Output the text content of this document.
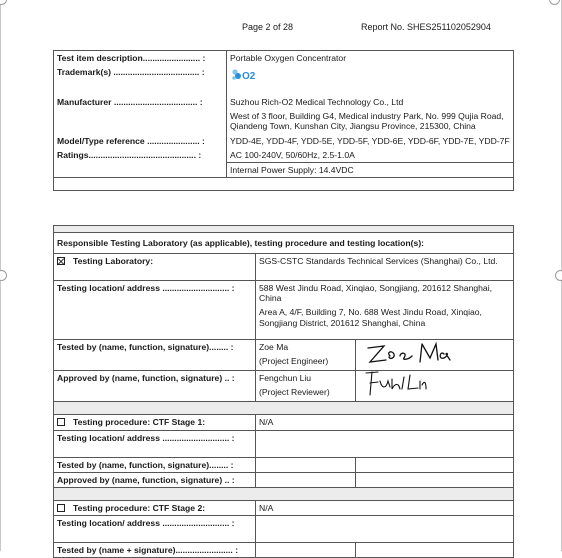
Page 2 of 28	Report No. SHES251102052904
Test item description........................ :	Portable Oxygen Concentrator
Trademark(s) .................................... :	O2

Manufacturer ................................... :	Suzhou Rich-O2 Medical Technology Co., Ltd
	West of 3 floor, Building G4, Medical industry Park, No. 999 Qujia Road, Qiandeng Town, Kunshan City, Jiangsu Province, 215300, China
Model/Type reference ...................... :	YDD-4E, YDD-4F, YDD-5E, YDD-5F, YDD-6E, YDD-6F, YDD-7E, YDD-7F
Ratings............................................. :	AC 100-240V, 50/60Hz, 2.5-1.0A
	Internal Power Supply: 14.4VDC

Responsible Testing Laboratory (as applicable), testing procedure and testing location(s):		
Testing Laboratory:	SGS-CSTC Standards Technical Services (Shanghai) Co., Ltd.	
Testing location/ address ............................ :	588 West Jindu Road, Xinqiao, Songjiang, 201612 Shanghai, China	
	Area A, 4/F, Building 7, No. 688 West Jindu Road, Xinqiao, Songjiang District, 201612 Shanghai, China	
Tested by (name, function, signature)........ :	Zoe Ma
(Project Engineer)

Approved by (name, function, signature) .. :	Fengchun Liu
(Project Reviewer)

Testing procedure: CTF Stage 1:	N/A	
Testing location/ address ............................ :		
Tested by (name, function, signature)........ :		
Approved by (name, function, signature) .. :		

Testing procedure: CTF Stage 2:	N/A	
Testing location/ address ............................ :		
Tested by (name + signature)........................ :		
